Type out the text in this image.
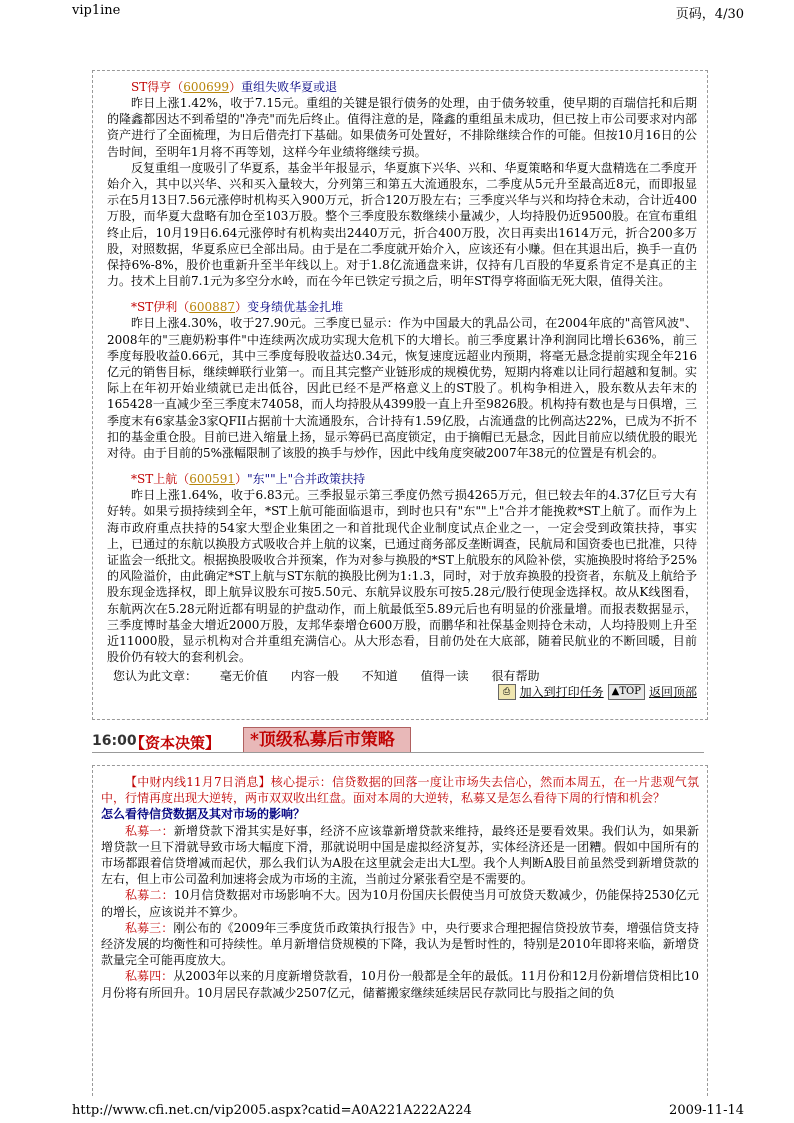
vip1ine	页码，4/30
ST得亨（600699）重组失败华夏或退

昨日上涨1.42%，收于7.15元。重组的关键是银行债务的处理，由于债务较重，使早期的百瑞信托和后期的隆鑫都因达不到希望的"净壳"而先后终止。值得注意的是，隆鑫的重组虽未成功，但已按上市公司要求对内部资产进行了全面梳理，为日后借壳打下基础。如果债务可处置好，不排除继续合作的可能。但按10月16日的公告时间，至明年1月将不再等划，这样今年业绩将继续亏损。

反复重组一度吸引了华夏系，基金半年报显示，华夏旗下兴华、兴和、华夏策略和华夏大盘精选在二季度开始介入，其中以兴华、兴和买入量较大，分列第三和第五大流通股东，二季度从5元升至最高近8元，而即报显示在5月13日7.56元涨停时机构买入900万元，折合120万股左右；三季度兴华与兴和均持仓未动，合计近400万股，而华夏大盘略有加仓至103万股。整个三季度股东数继续小量减少，人均持股仍近9500股。在宣布重组终止后，10月19日6.64元涨停时有机构卖出2440万元，折合400万股，次日再卖出1614万元，折合200多万股，对照数据，华夏系应已全部出局。由于是在二季度就开始介入，应该还有小赚。但在其退出后，换手一直仍保持6%-8%，股价也重新升至半年线以上。对于1.8亿流通盘来讲，仅持有几百股的华夏系肯定不是真正的主力。技术上目前7.1元为多空分水岭，而在今年已铁定亏损之后，明年ST得亨将面临无死大限，值得关注。

*ST伊利（600887）变身绩优基金扎堆

昨日上涨4.30%，收于27.90元。三季度已显示：作为中国最大的乳品公司，在2004年底的"高管风波"、2008年的"三鹿奶粉事件"中连续两次成功实现大危机下的大增长。前三季度累计净利润同比增长636%，前三季度每股收益0.66元，其中三季度每股收益达0.34元，恢复速度远超业内预期，将毫无悬念提前实现全年216亿元的销售目标，继续蝉联行业第一。而且其完整产业链形成的规模优势，短期内将难以让同行超越和复制。实际上在年初开始业绩就已走出低谷，因此已经不是严格意义上的ST股了。机构争相进入，股东数从去年末的165428一直减少至三季度末74058，而人均持股从4399股一直上升至9826股。机构持有数也是与日俱增，三季度末有6家基金3家QFII占据前十大流通股东，合计持有1.59亿股，占流通盘的比例高达22%，已成为不折不扣的基金重仓股。目前已进入缩量上扬，显示筹码已高度锁定，由于摘帽已无悬念，因此目前应以绩优股的眼光对待。由于目前的5%涨幅限制了该股的换手与炒作，因此中线角度突破2007年38元的位置是有机会的。

*ST上航（600591）"东""上"合并政策扶持

昨日上涨1.64%，收于6.83元。三季报显示第三季度仍然亏损4265万元，但已较去年的4.37亿巨亏大有好转。如果亏损持续到全年，*ST上航可能面临退市，到时也只有"东""上"合并才能挽救*ST上航了。而作为上海市政府重点扶持的54家大型企业集团之一和首批现代企业制度试点企业之一，一定会受到政策扶持，事实上，已通过的东航以换股方式吸收合并上航的议案，已通过商务部反垄断调查，民航局和国资委也已批准，只待证监会一纸批文。根据换股吸收合并预案，作为对参与换股的*ST上航股东的风险补偿，实施换股时将给予25%的风险溢价，由此确定*ST上航与ST东航的换股比例为1:1.3，同时，对于放弃换股的投资者，东航及上航给予股东现金选择权，即上航异议股东可按5.50元、东航异议股东可按5.28元/股行使现金选择权。故从K线图看，东航两次在5.28元附近都有明显的护盘动作，而上航最低至5.89元后也有明显的价涨量增。而报表数据显示，三季度博时基金大增近2000万股，友邦华泰增仓600万股，而鹏华和社保基金则持仓未动，人均持股则上升至近11000股，显示机构对合并重组充满信心。从大形态看，目前仍处在大底部，随着民航业的不断回暖，目前股价仍有较大的套利机会。

您认为此文章： 毫无价值 内容一般 不知道 值得一读 很有帮助
⎙ 加入到打印任务 ▲TOP 返回顶部
16:00
【资本决策】	*顶级私募后市策略

【中财内线11月7日消息】核心提示：信贷数据的回落一度让市场失去信心，然而本周五，在一片悲观气氛中，行情再度出现大逆转，两市双双收出红盘。面对本周的大逆转，私募又是怎么看待下周的行情和机会？

怎么看待信贷数据及其对市场的影响？

私募一：新增贷款下滑其实是好事，经济不应该靠新增贷款来维持，最终还是要看效果。我们认为，如果新增贷款一旦下滑就导致市场大幅度下滑，那就说明中国是虚拟经济复苏，实体经济还是一团糟。假如中国所有的市场都跟着信贷增减而起伏，那么我们认为A股在这里就会走出大L型。我个人判断A股目前虽然受到新增贷款的左右，但上市公司盈利加速将会成为市场的主流，当前过分紧张看空是不需要的。

私募二：10月信贷数据对市场影响不大。因为10月份国庆长假使当月可放贷天数减少，仍能保持2530亿元的增长，应该说并不算少。

私募三：刚公布的《2009年三季度货币政策执行报告》中，央行要求合理把握信贷投放节奏，增强信贷支持经济发展的均衡性和可持续性。单月新增信贷规模的下降，我认为是暂时性的，特别是2010年即将来临，新增贷款量完全可能再度放大。

私募四：从2003年以来的月度新增贷款看，10月份一般都是全年的最低。11月份和12月份新增信贷相比10月份将有所回升。10月居民存款减少2507亿元，储蓄搬家继续延续居民存款同比与股指之间的负

http://www.cfi.net.cn/vip2005.aspx?catid=A0A221A222A224	2009-11-14
